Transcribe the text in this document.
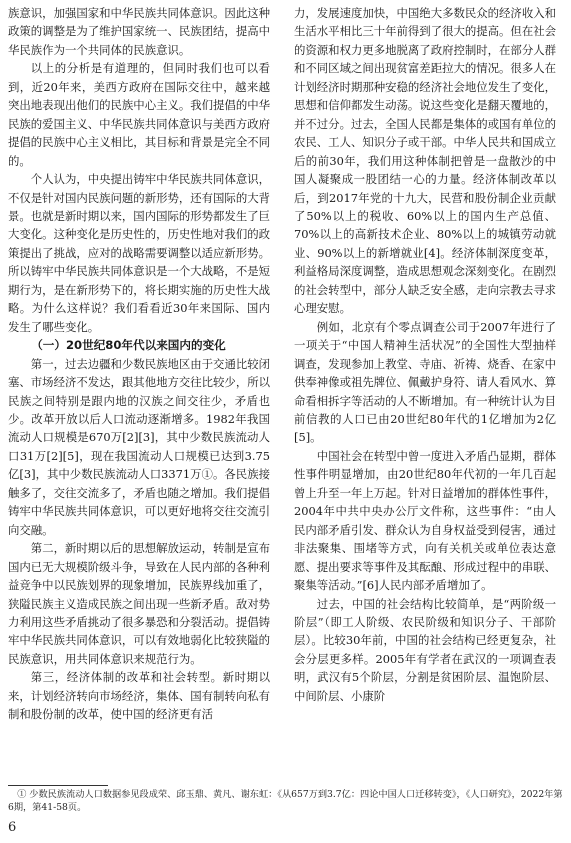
族意识，加强国家和中华民族共同体意识。因此这种政策的调整是为了维护国家统一、民族团结，提高中华民族作为一个共同体的民族意识。

以上的分析是有道理的，但同时我们也可以看到，近20年来，美西方政府在国际交往中，越来越突出地表现出他们的民族中心主义。我们提倡的中华民族的爱国主义、中华民族共同体意识与美西方政府提倡的民族中心主义相比，其目标和背景是完全不同的。

个人认为，中央提出铸牢中华民族共同体意识，不仅是针对国内民族问题的新形势，还有国际的大背景。也就是新时期以来，国内国际的形势都发生了巨大变化。这种变化是历史性的，历史性地对我们的政策提出了挑战，应对的战略需要调整以适应新形势。所以铸牢中华民族共同体意识是一个大战略，不是短期行为，是在新形势下的，将长期实施的历史性大战略。为什么这样说？我们看看近30年来国际、国内发生了哪些变化。

（一）20世纪80年代以来国内的变化

第一，过去边疆和少数民族地区由于交通比较闭塞、市场经济不发达，跟其他地方交往比较少，所以民族之间特别是跟内地的汉族之间交往少，矛盾也少。改革开放以后人口流动逐渐增多。1982年我国流动人口规模是670万[2][3]，其中少数民族流动人口31万[2][5]，现在我国流动人口规模已达到3.75亿[3]，其中少数民族流动人口3371万①。各民族接触多了，交往交流多了，矛盾也随之增加。我们提倡铸牢中华民族共同体意识，可以更好地将交往交流引向交融。

第二，新时期以后的思想解放运动，转制是宣布国内已无大规模阶级斗争，导致在人民内部的各种利益竞争中以民族划界的现象增加，民族界线加重了，狭隘民族主义造成民族之间出现一些新矛盾。敌对势力利用这些矛盾挑动了很多暴恐和分裂活动。提倡铸牢中华民族共同体意识，可以有效地弱化比较狭隘的民族意识，用共同体意识来规范行为。

第三，经济体制的改革和社会转型。新时期以来，计划经济转向市场经济，集体、国有制转向私有制和股份制的改革，使中国的经济更有活

力，发展速度加快，中国绝大多数民众的经济收入和生活水平相比三十年前得到了很大的提高。但在社会的资源和权力更多地脱离了政府控制时，在部分人群和不同区域之间出现贫富差距拉大的情况。很多人在计划经济时期那种安稳的经济社会地位发生了变化，思想和信仰都发生动荡。说这些变化是翻天覆地的，并不过分。过去，全国人民都是集体的或国有单位的农民、工人、知识分子或干部。中华人民共和国成立后的前30年，我们用这种体制把曾是一盘散沙的中国人凝聚成一股团结一心的力量。经济体制改革以后，到2017年党的十九大，民营和股份制企业贡献了50%以上的税收、60%以上的国内生产总值、70%以上的高新技术企业、80%以上的城镇劳动就业、90%以上的新增就业[4]。经济体制深度变革，利益格局深度调整，造成思想观念深刻变化。在剧烈的社会转型中，部分人缺乏安全感，走向宗教去寻求心理安慰。

例如，北京有个零点调查公司于2007年进行了一项关于“中国人精神生活状况”的全国性大型抽样调查，发现参加上教堂、寺庙、祈祷、烧香、在家中供奉神像或祖先牌位、佩戴护身符、请人看风水、算命看相拆字等活动的人不断增加。有一种统计认为目前信教的人口已由20世纪80年代的1亿增加为2亿[5]。

中国社会在转型中曾一度进入矛盾凸显期，群体性事件明显增加，由20世纪80年代初的一年几百起曾上升至一年上万起。针对日益增加的群体性事件，2004年中共中央办公厅文件称，这些事件：“由人民内部矛盾引发、群众认为自身权益受到侵害，通过非法聚集、围堵等方式，向有关机关或单位表达意愿、提出要求等事件及其酝酿、形成过程中的串联、聚集等活动。”[6]人民内部矛盾增加了。

过去，中国的社会结构比较简单，是“两阶级一阶层”（即工人阶级、农民阶级和知识分子、干部阶层）。比较30年前，中国的社会结构已经更复杂，社会分层更多样。2005年有学者在武汉的一项调查表明，武汉有5个阶层，分割是贫困阶层、温饱阶层、中间阶层、小康阶

① 少数民族流动人口数据参见段成荣、邱玉鼎、黄凡、谢东虹：《从657万到3.7亿：四论中国人口迁移转变》，《人口研究》，2022年第6期，第41-58页。

6
